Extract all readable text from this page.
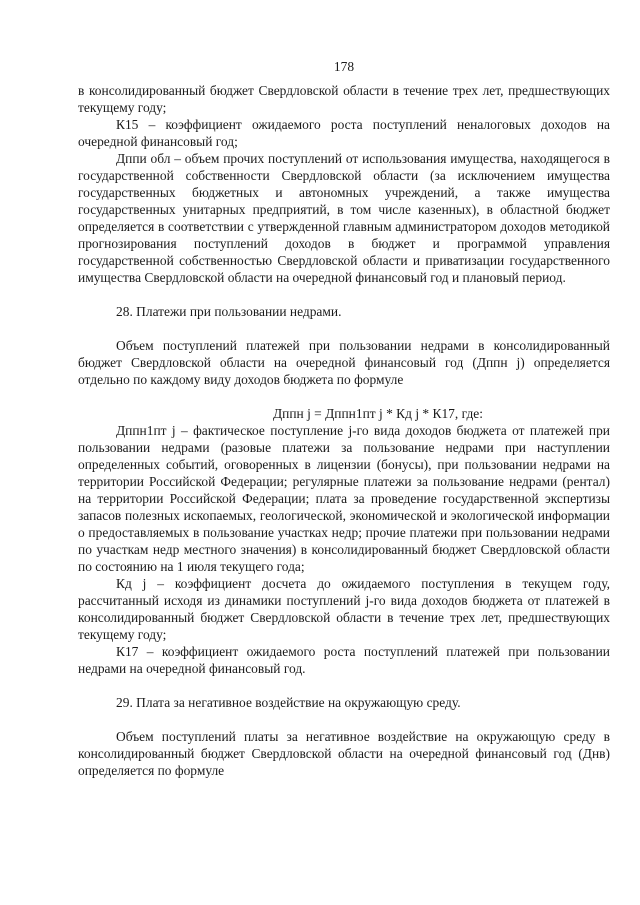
178

в консолидированный бюджет Свердловской области в течение трех лет, предшествующих текущему году;

К15 – коэффициент ожидаемого роста поступлений неналоговых доходов на очередной финансовый год;

Дппи обл – объем прочих поступлений от использования имущества, находящегося в государственной собственности Свердловской области (за исключением имущества государственных бюджетных и автономных учреждений, а также имущества государственных унитарных предприятий, в том числе казенных), в областной бюджет определяется в соответствии с утвержденной главным администратором доходов методикой прогнозирования поступлений доходов в бюджет и программой управления государственной собственностью Свердловской области и приватизации государственного имущества Свердловской области на очередной финансовый год и плановый период.

28. Платежи при пользовании недрами.

Объем поступлений платежей при пользовании недрами в консолидированный бюджет Свердловской области на очередной финансовый год (Дппн j) определяется отдельно по каждому виду доходов бюджета по формуле

Дппн j = Дппн1пт j * Кд j * К17, где:

Дппн1пт j – фактическое поступление j-го вида доходов бюджета от платежей при пользовании недрами (разовые платежи за пользование недрами при наступлении определенных событий, оговоренных в лицензии (бонусы), при пользовании недрами на территории Российской Федерации; регулярные платежи за пользование недрами (рентал) на территории Российской Федерации; плата за проведение государственной экспертизы запасов полезных ископаемых, геологической, экономической и экологической информации о предоставляемых в пользование участках недр; прочие платежи при пользовании недрами по участкам недр местного значения) в консолидированный бюджет Свердловской области по состоянию на 1 июля текущего года;

Кд j – коэффициент досчета до ожидаемого поступления в текущем году, рассчитанный исходя из динамики поступлений j-го вида доходов бюджета от платежей в консолидированный бюджет Свердловской области в течение трех лет, предшествующих текущему году;

К17 – коэффициент ожидаемого роста поступлений платежей при пользовании недрами на очередной финансовый год.

29. Плата за негативное воздействие на окружающую среду.

Объем поступлений платы за негативное воздействие на окружающую среду в консолидированный бюджет Свердловской области на очередной финансовый год (Днв) определяется по формуле
